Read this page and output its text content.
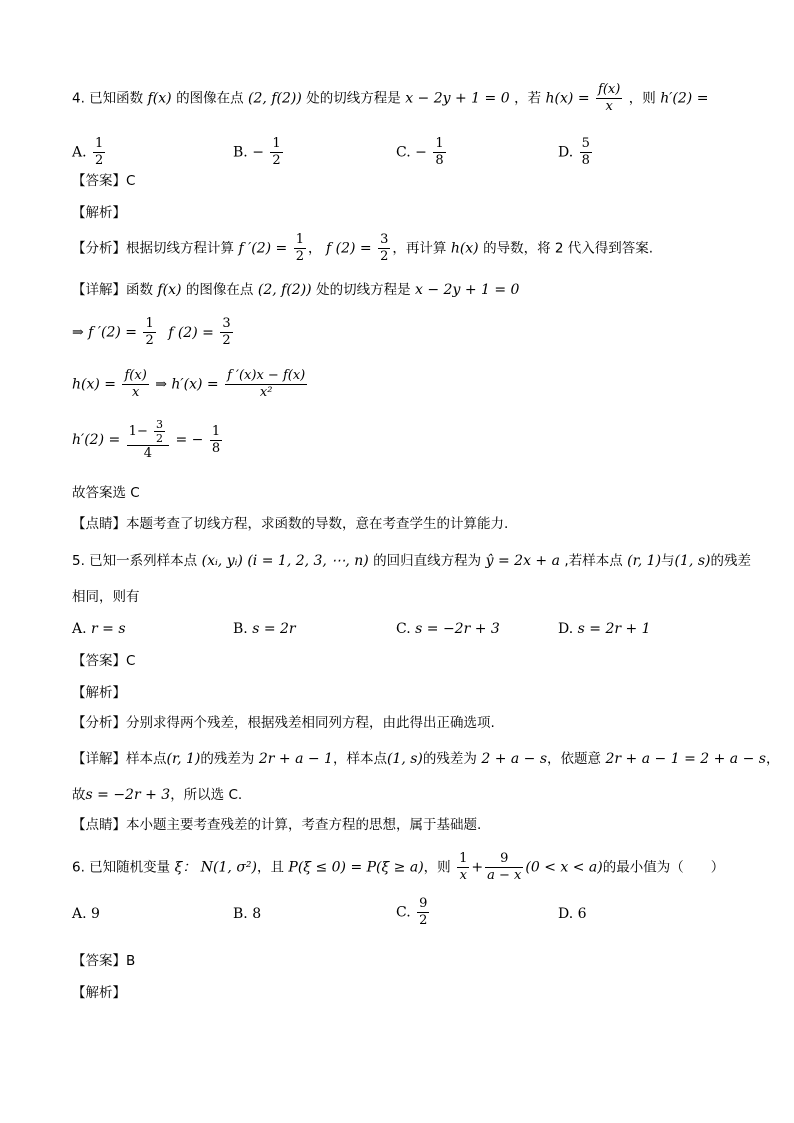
4. 已知函数 f(x) 的图像在点 (2, f(2)) 处的切线方程是 x − 2y + 1 = 0 ，若 $h(x) = \frac{f(x)}{x}$ ，则 h′(2) =
A. $\frac{1}{2}$	B. − $\frac{1}{2}$	C. − $\frac{1}{8}$	D. $\frac{5}{8}$
【答案】C
【解析】
【分析】根据切线方程计算 f $'(2) = \frac{1}{2}$ ， f $(2) = \frac{3}{2}$ ，再计算 h(x) 的导数，将 2 代入得到答案.
【详解】函数 f(x) 的图像在点 (2, f(2)) 处的切线方程是 x − 2y + 1 = 0
⇒ f $'(2) = \frac{1}{2}$ f $(2) = \frac{3}{2}$
$h(x) = \frac{f(x)}{x}$ ⇒ $h'(x) = \frac{f '(x)x - f(x)}{\text{x²}}$
$h'(2) = \frac{1- \frac{3}{2}}{4}$ = − $\frac{1}{8}$
故答案选 C
【点睛】本题考查了切线方程，求函数的导数，意在考查学生的计算能力.
5. 已知一系列样本点 (xᵢ, yᵢ) (i = 1, 2, 3, ⋯, n) 的回归直线方程为 ŷ = 2x + a ,若样本点 (r, 1)与(1, s)的残差
相同，则有
A. r = s	B. s = 2r	C. s = −2r + 3	D. s = 2r + 1
【答案】C
【解析】
【分析】分别求得两个残差，根据残差相同列方程，由此得出正确选项.
【详解】样本点(r, 1)的残差为 2r + a − 1，样本点(1, s)的残差为 2 + a − s，依题意 2r + a − 1 = 2 + a − s，
故s = −2r + 3，所以选 C.
【点睛】本小题主要考查残差的计算，考查方程的思想，属于基础题.
6. 已知随机变量 ξ： N(1, σ²)，且 P(ξ ≤ 0) = P(ξ ≥ a)，则 $\frac{1}{x} + \frac{9}{a - x} (0 < x < a)$的最小值为（　　）
A. 9	B. 8	C. $\frac{9}{2}$	D. 6
【答案】B
【解析】
